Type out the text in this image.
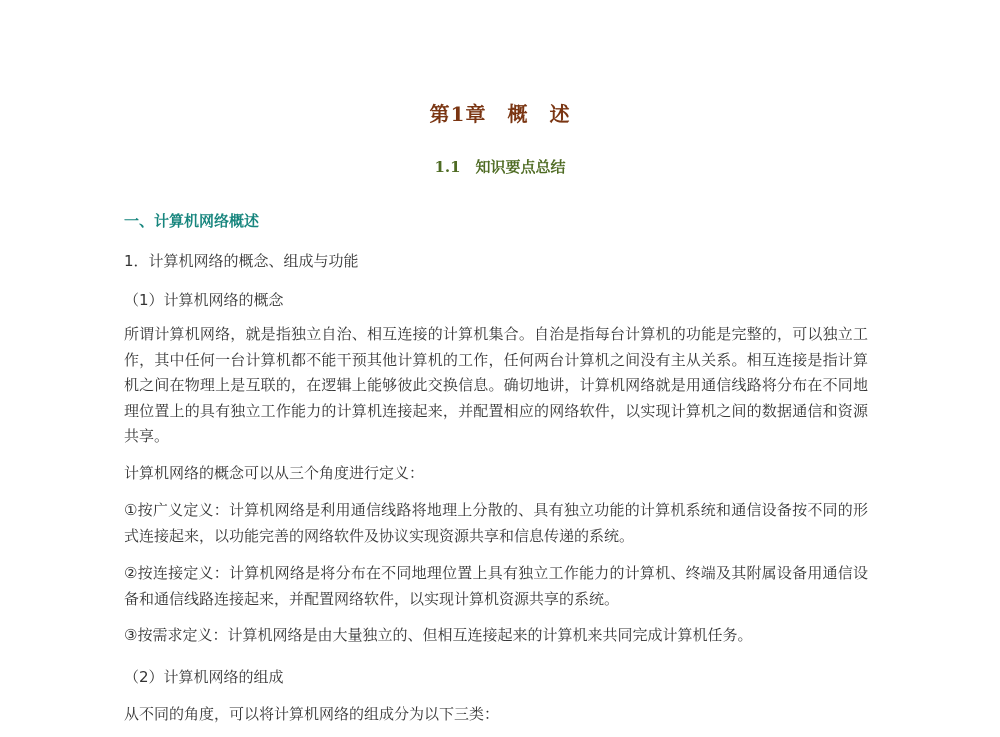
第1章　概　述
1.1　知识要点总结
一、计算机网络概述

1．计算机网络的概念、组成与功能

（1）计算机网络的概念

所谓计算机网络，就是指独立自治、相互连接的计算机集合。自治是指每台计算机的功能是完整的，可以独立工作，其中任何一台计算机都不能干预其他计算机的工作，任何两台计算机之间没有主从关系。相互连接是指计算机之间在物理上是互联的，在逻辑上能够彼此交换信息。确切地讲，计算机网络就是用通信线路将分布在不同地理位置上的具有独立工作能力的计算机连接起来，并配置相应的网络软件，以实现计算机之间的数据通信和资源共享。

计算机网络的概念可以从三个角度进行定义：

①按广义定义：计算机网络是利用通信线路将地理上分散的、具有独立功能的计算机系统和通信设备按不同的形式连接起来，以功能完善的网络软件及协议实现资源共享和信息传递的系统。

②按连接定义：计算机网络是将分布在不同地理位置上具有独立工作能力的计算机、终端及其附属设备用通信设备和通信线路连接起来，并配置网络软件，以实现计算机资源共享的系统。

③按需求定义：计算机网络是由大量独立的、但相互连接起来的计算机来共同完成计算机任务。

（2）计算机网络的组成

从不同的角度，可以将计算机网络的组成分为以下三类：
